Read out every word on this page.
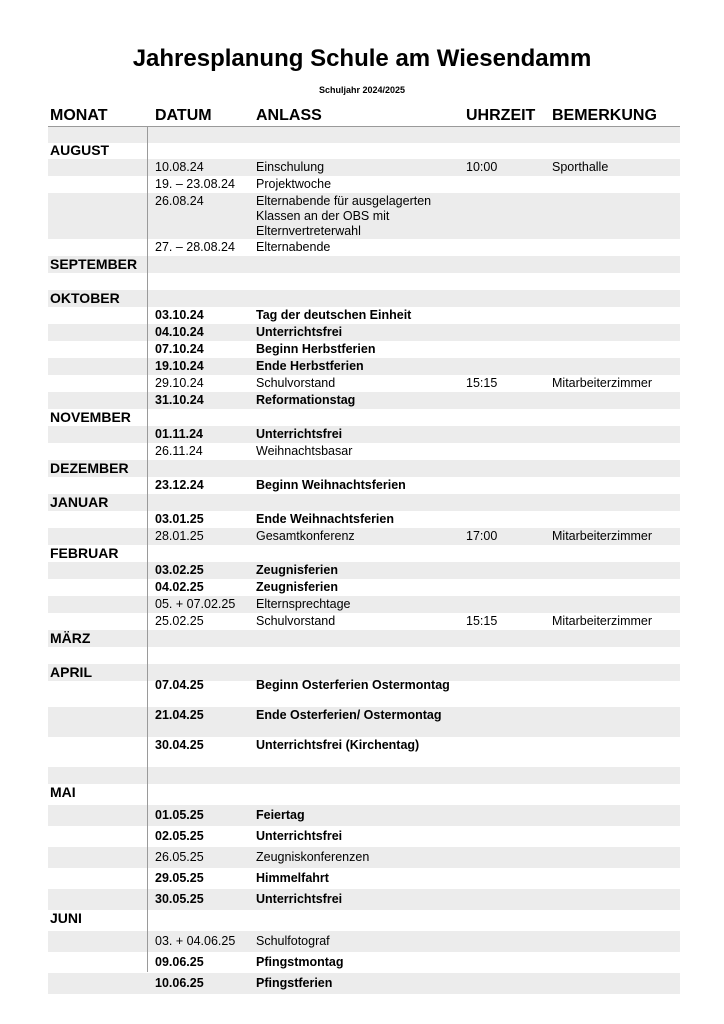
Jahresplanung Schule am Wiesendamm
Schuljahr 2024/2025
MONAT	DATUM	ANLASS	UHRZEIT BEMERKUNG
AUGUST
10.08.24	Einschulung	10:00	Sporthalle
19. – 23.08.24 Projektwoche
26.08.24	Elternabende für ausgelagerten Klassen an der OBS mit Elternvertreterwahl
27. – 28.08.24 Elternabende
SEPTEMBER
OKTOBER
03.10.24	Tag der deutschen Einheit
04.10.24	Unterrichtsfrei
07.10.24	Beginn Herbstferien
19.10.24	Ende Herbstferien
29.10.24	Schulvorstand	15:15	Mitarbeiterzimmer
31.10.24	Reformationstag
NOVEMBER
01.11.24	Unterrichtsfrei
26.11.24	Weihnachtsbasar
DEZEMBER
23.12.24	Beginn Weihnachtsferien
JANUAR
03.01.25	Ende Weihnachtsferien
28.01.25	Gesamtkonferenz	17:00	Mitarbeiterzimmer
FEBRUAR
03.02.25	Zeugnisferien
04.02.25	Zeugnisferien
05. + 07.02.25 Elternsprechtage
25.02.25	Schulvorstand	15:15	Mitarbeiterzimmer
MÄRZ
APRIL
07.04.25	Beginn Osterferien Ostermontag
21.04.25	Ende Osterferien/ Ostermontag
30.04.25	Unterrichtsfrei (Kirchentag)
MAI
01.05.25	Feiertag
02.05.25	Unterrichtsfrei
26.05.25	Zeugniskonferenzen
29.05.25	Himmelfahrt
30.05.25	Unterrichtsfrei
JUNI
03. + 04.06.25 Schulfotograf
09.06.25	Pfingstmontag
10.06.25	Pfingstferien
